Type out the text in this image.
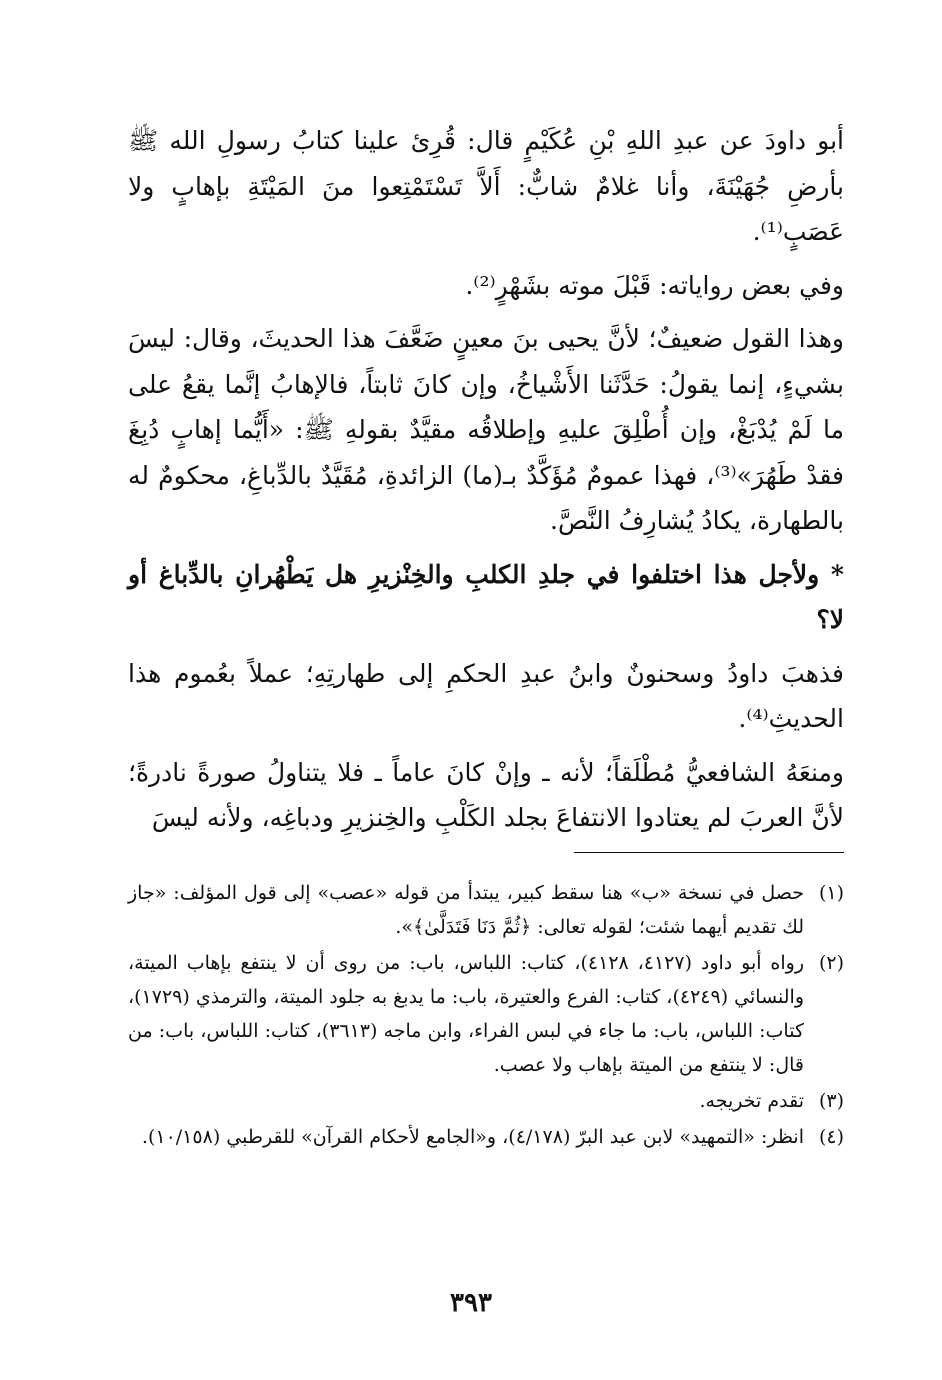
أبو داودَ عن عبدِ اللهِ بْنِ عُكَيْمٍ قال: قُرِئ علينا كتابُ رسولِ الله ﷺ بأرضِ جُهَيْنَةَ، وأنا غلامٌ شابٌّ: أَلاَّ تَسْتَمْتِعوا منَ المَيْتَةِ بإهابٍ ولا عَصَبٍ⁽¹⁾.

وفي بعض رواياته: قَبْلَ موته بشَهْرٍ⁽²⁾.

وهذا القول ضعيفٌ؛ لأنَّ يحيى بنَ معينٍ ضَعَّفَ هذا الحديثَ، وقال: ليسَ بشيءٍ، إنما يقولُ: حَدَّثَنا الأَشْياخُ، وإن كانَ ثابتاً، فالإهابُ إنَّما يقعُ على ما لَمْ يُدْبَغْ، وإن أُطْلِقَ عليهِ وإطلاقُه مقيَّدٌ بقولهِ ﷺ: «أَيُّما إهابٍ دُبِغَ فقدْ طَهُرَ»⁽³⁾، فهذا عمومٌ مُؤَكَّدٌ بـ(ما) الزائدةِ، مُقَيَّدٌ بالدِّباغِ، محكومٌ له بالطهارة، يكادُ يُشارِفُ النَّصَّ.

* ولأجل هذا اختلفوا في جلدِ الكلبِ والخِنْزيرِ هل يَطْهُرانِ بالدِّباغ أو لا؟

فذهبَ داودُ وسحنونٌ وابنُ عبدِ الحكمِ إلى طهارتِهِ؛ عملاً بعُموم هذا الحديثِ⁽⁴⁾.

ومنعَهُ الشافعيُّ مُطْلَقاً؛ لأنه ـ وإنْ كانَ عاماً ـ فلا يتناولُ صورةً نادرةً؛ لأنَّ العربَ لم يعتادوا الانتفاعَ بجلد الكَلْبِ والخِنزيرِ ودباغِه، ولأنه ليسَ

(١)
حصل في نسخة «ب» هنا سقط كبير، يبتدأ من قوله «عصب» إلى قول المؤلف: «جاز لك تقديم أيهما شئت؛ لقوله تعالى: ﴿ثُمَّ دَنَا فَتَدَلَّىٰ﴾».
(٢)
رواه أبو داود (٤١٢٧، ٤١٢٨)، كتاب: اللباس، باب: من روى أن لا ينتفع بإهاب الميتة، والنسائي (٤٢٤٩)، كتاب: الفرع والعتيرة، باب: ما يدبغ به جلود الميتة، والترمذي (١٧٢٩)، كتاب: اللباس، باب: ما جاء في لبس الفراء، وابن ماجه (٣٦١٣)، كتاب: اللباس، باب: من قال: لا ينتفع من الميتة بإهاب ولا عصب.
(٣)
تقدم تخريجه.
(٤)
انظر: «التمهيد» لابن عبد البرّ (٤/١٧٨)، و«الجامع لأحكام القرآن» للقرطبي (١٠/١٥٨).
٣٩٣
